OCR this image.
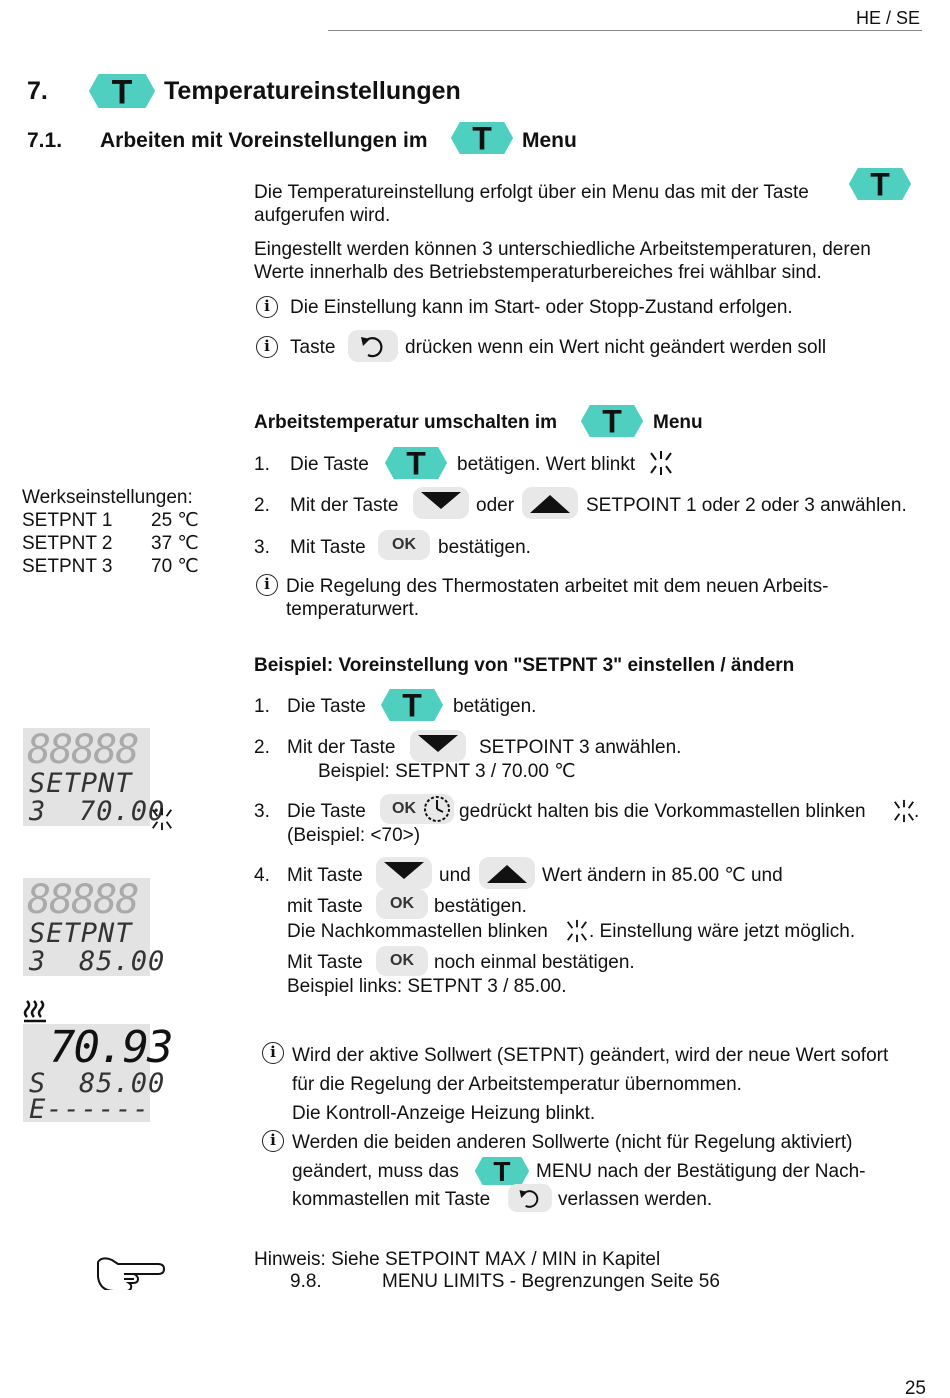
HE / SE
7.	Temperatureinstellungen
7.1. Arbeiten mit Voreinstellungen im	Menu
Die Temperatureinstellung erfolgt über ein Menu das mit der Taste
aufgerufen wird.
Eingestellt werden können 3 unterschiedliche Arbeitstemperaturen, deren
Werte innerhalb des Betriebstemperaturbereiches frei wählbar sind.
i	Die Einstellung kann im Start- oder Stopp-Zustand erfolgen.
i	Taste	drücken wenn ein Wert nicht geändert werden soll
Arbeitstemperatur umschalten im	Menu
Werkseinstellungen:
SETPNT 1 25 ℃
SETPNT 2 37 ℃
SETPNT 3 70 ℃
1. Die Taste	betätigen. Wert blinkt
2. Mit der Taste	oder	SETPOINT 1 oder 2 oder 3 anwählen.
3. Mit Taste	OK	bestätigen.
i Die Regelung des Thermostaten arbeitet mit dem neuen Arbeits-
temperaturwert.
Beispiel: Voreinstellung von "SETPNT 3" einstellen / ändern
1. Die Taste	betätigen.
2. Mit der Taste	SETPOINT 3 anwählen.
Beispiel: SETPNT 3 / 70.00 ℃
3. Die Taste OK gedrückt halten bis die Vorkommastellen blinken	.
(Beispiel: <70>)
4. Mit Taste	und	Wert ändern in 85.00 ℃ und
mit Taste	OK	bestätigen.
Die Nachkommastellen blinken . Einstellung wäre jetzt möglich.
Mit Taste	OK	noch einmal bestätigen.
Beispiel links: SETPNT 3 / 85.00.
88888
SETPNT
3 70.00
88888
SETPNT
3 85.00
70.93
S 85.00
E------
i Wird der aktive Sollwert (SETPNT) geändert, wird der neue Wert sofort
für die Regelung der Arbeitstemperatur übernommen.
Die Kontroll-Anzeige Heizung blinkt.
i Werden die beiden anderen Sollwerte (nicht für Regelung aktiviert)
geändert, muss das	MENU nach der Bestätigung der Nach-
kommastellen mit Taste	verlassen werden.
Hinweis: Siehe SETPOINT MAX / MIN in Kapitel
9.8.	MENU LIMITS - Begrenzungen Seite 56
25
